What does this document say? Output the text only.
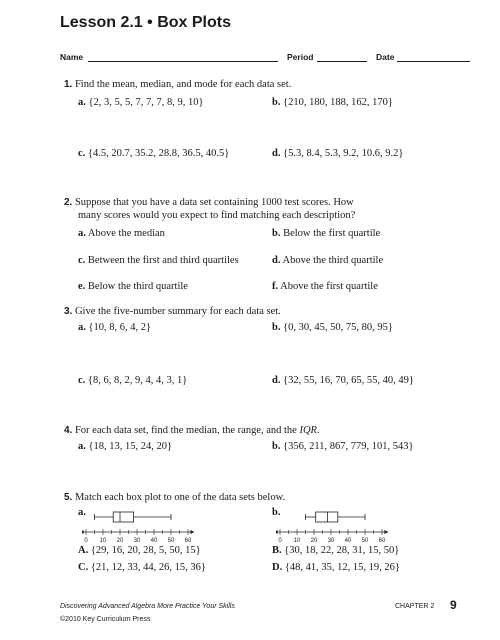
Lesson 2.1 • Box Plots
Name	Period	Date
1. Find the mean, median, and mode for each data set.
a. {2, 3, 5, 5, 7, 7, 7, 8, 9, 10}	b. {210, 180, 188, 162, 170}
c. {4.5, 20.7, 35.2, 28.8, 36.5, 40.5}	d. {5.3, 8.4, 5.3, 9.2, 10.6, 9.2}
2. Suppose that you have a data set containing 1000 test scores. How
many scores would you expect to find matching each description?
a. Above the median	b. Below the first quartile
c. Between the first and third quartiles	d. Above the third quartile
e. Below the third quartile	f. Above the first quartile
3. Give the five-number summary for each data set.
a. {10, 8, 6, 4, 2}	b. {0, 30, 45, 50, 75, 80, 95}
c. {8, 6, 8, 2, 9, 4, 4, 3, 1}	d. {32, 55, 16, 70, 65, 55, 40, 49}
4. For each data set, find the median, the range, and the IQR.
a. {18, 13, 15, 24, 20}	b. {356, 211, 867, 779, 101, 543}
5. Match each box plot to one of the data sets below.
a.	b.
0 10 20 30 40 50 60	0 10 20 30 40 50 60
A. {29, 16, 20, 28, 5, 50, 15}	B. {30, 18, 22, 28, 31, 15, 50}
C. {21, 12, 33, 44, 26, 15, 36}	D. {48, 41, 35, 12, 15, 19, 26}
Discovering Advanced Algebra More Practice Your Skills
©2010 Key Curriculum Press
CHAPTER 2 9
